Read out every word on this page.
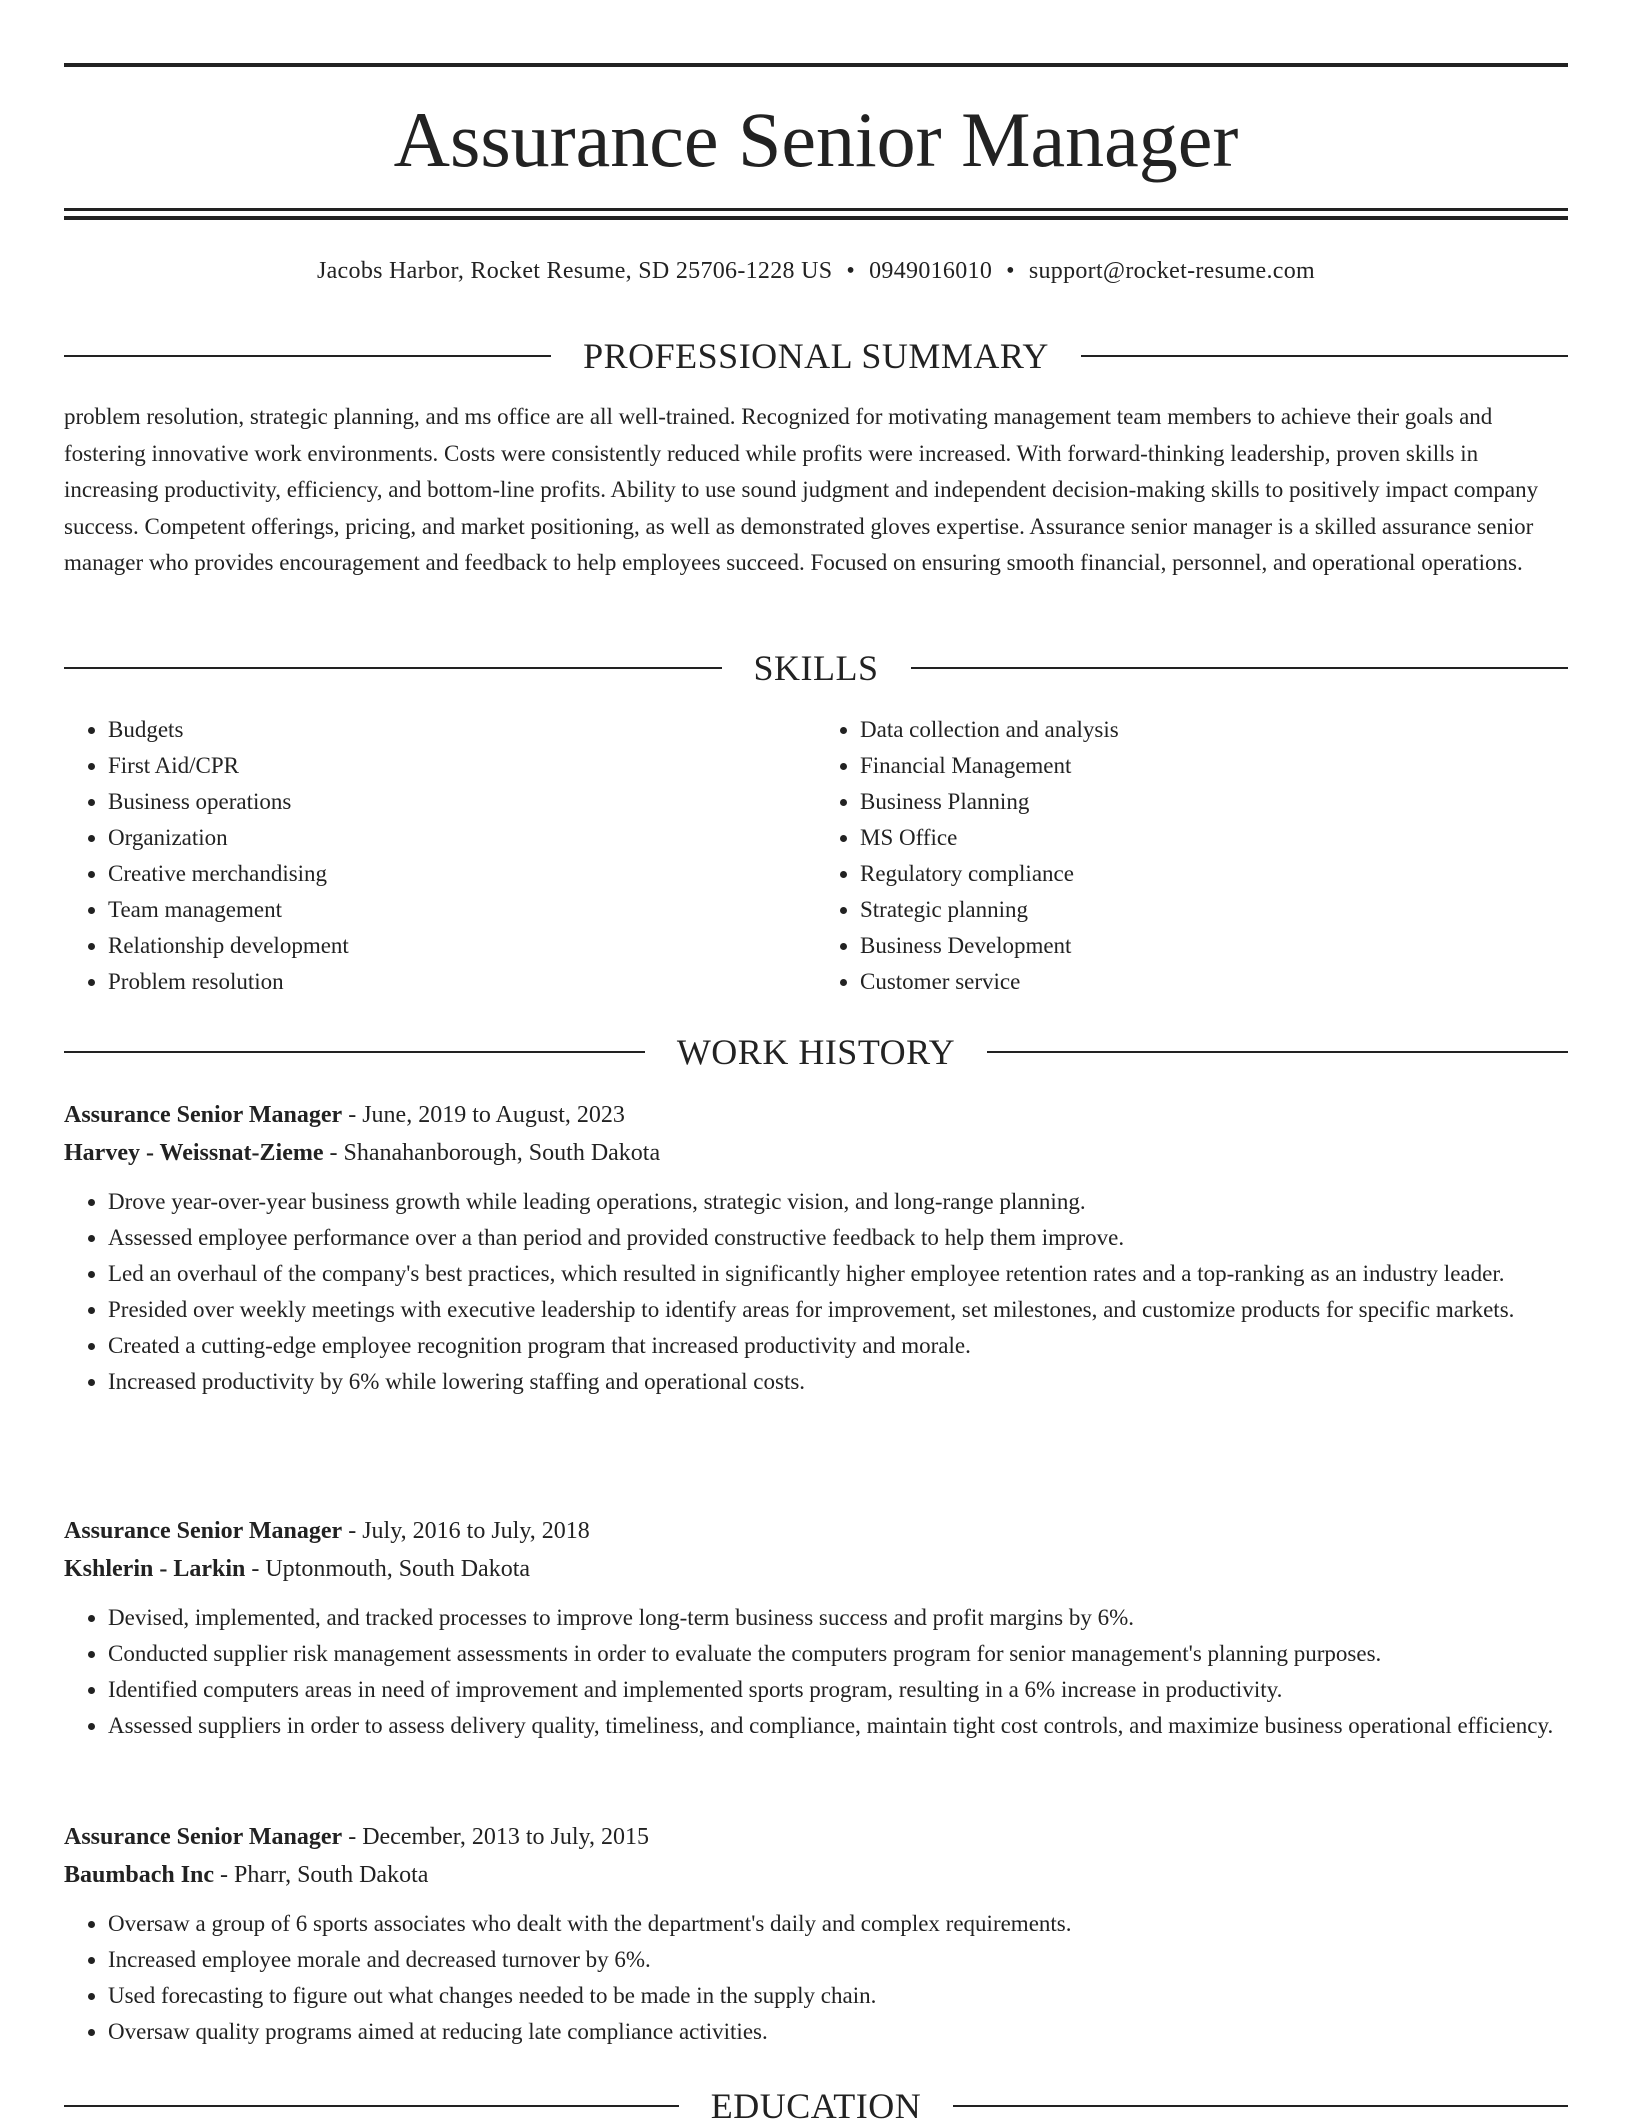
Assurance Senior Manager
Jacobs Harbor, Rocket Resume, SD 25706-1228 US • 0949016010 • support@rocket-resume.com
PROFESSIONAL SUMMARY

problem resolution, strategic planning, and ms office are all well-trained. Recognized for motivating management team members to achieve their goals and fostering innovative work environments. Costs were consistently reduced while profits were increased. With forward-thinking leadership, proven skills in increasing productivity, efficiency, and bottom-line profits. Ability to use sound judgment and independent decision-making skills to positively impact company success. Competent offerings, pricing, and market positioning, as well as demonstrated gloves expertise. Assurance senior manager is a skilled assurance senior manager who provides encouragement and feedback to help employees succeed. Focused on ensuring smooth financial, personnel, and operational operations.

SKILLS
• Budgets
• First Aid/CPR
• Business operations
• Organization
• Creative merchandising
• Team management
• Relationship development
• Problem resolution
• Data collection and analysis
• Financial Management
• Business Planning
• MS Office
• Regulatory compliance
• Strategic planning
• Business Development
• Customer service
WORK HISTORY
Assurance Senior Manager - June, 2019 to August, 2023
Harvey - Weissnat-Zieme - Shanahanborough, South Dakota
• Drove year-over-year business growth while leading operations, strategic vision, and long-range planning.
• Assessed employee performance over a than period and provided constructive feedback to help them improve.
• Led an overhaul of the company's best practices, which resulted in significantly higher employee retention rates and a top-ranking as an industry leader.
• Presided over weekly meetings with executive leadership to identify areas for improvement, set milestones, and customize products for specific markets.
• Created a cutting-edge employee recognition program that increased productivity and morale.
• Increased productivity by 6% while lowering staffing and operational costs.
Assurance Senior Manager - July, 2016 to July, 2018
Kshlerin - Larkin - Uptonmouth, South Dakota
• Devised, implemented, and tracked processes to improve long-term business success and profit margins by 6%.
• Conducted supplier risk management assessments in order to evaluate the computers program for senior management's planning purposes.
• Identified computers areas in need of improvement and implemented sports program, resulting in a 6% increase in productivity.
• Assessed suppliers in order to assess delivery quality, timeliness, and compliance, maintain tight cost controls, and maximize business operational efficiency.
Assurance Senior Manager - December, 2013 to July, 2015
Baumbach Inc - Pharr, South Dakota
• Oversaw a group of 6 sports associates who dealt with the department's daily and complex requirements.
• Increased employee morale and decreased turnover by 6%.
• Used forecasting to figure out what changes needed to be made in the supply chain.
• Oversaw quality programs aimed at reducing late compliance activities.
EDUCATION
